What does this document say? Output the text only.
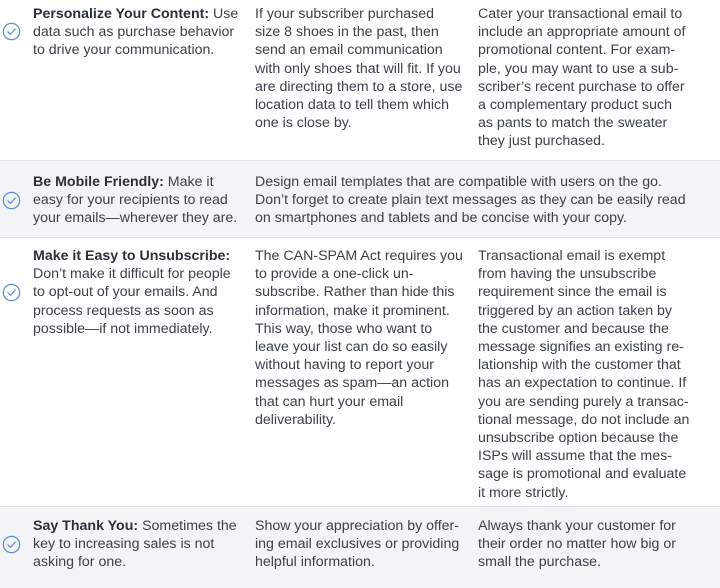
Personalize Your Content: Use data such as purchase behavior to drive your communication.
If your subscriber purchased size 8 shoes in the past, then send an email communication with only shoes that will fit. If you are directing them to a store, use location data to tell them which one is close by.
Cater your transactional email to include an appropriate amount of promotional content. For example, you may want to use a subscriber’s recent purchase to offer a complementary product such as pants to match the sweater they just purchased.
Be Mobile Friendly: Make it easy for your recipients to read your emails—wherever they are.
Design email templates that are compatible with users on the go. Don’t forget to create plain text messages as they can be easily read on smartphones and tablets and be concise with your copy.
Make it Easy to Unsubscribe: Don’t make it difficult for people to opt-out of your emails. And process requests as soon as possible—if not immediately.
The CAN-SPAM Act requires you to provide a one-click unsubscribe. Rather than hide this information, make it prominent. This way, those who want to leave your list can do so easily without having to report your messages as spam—an action that can hurt your email deliverability.
Transactional email is exempt from having the unsubscribe requirement since the email is triggered by an action taken by the customer and because the message signifies an existing relationship with the customer that has an expectation to continue. If you are sending purely a transactional message, do not include an unsubscribe option because the ISPs will assume that the message is promotional and evaluate it more strictly.
Say Thank You: Sometimes the key to increasing sales is not asking for one.
Show your appreciation by offering email exclusives or providing helpful information.
Always thank your customer for their order no matter how big or small the purchase.
